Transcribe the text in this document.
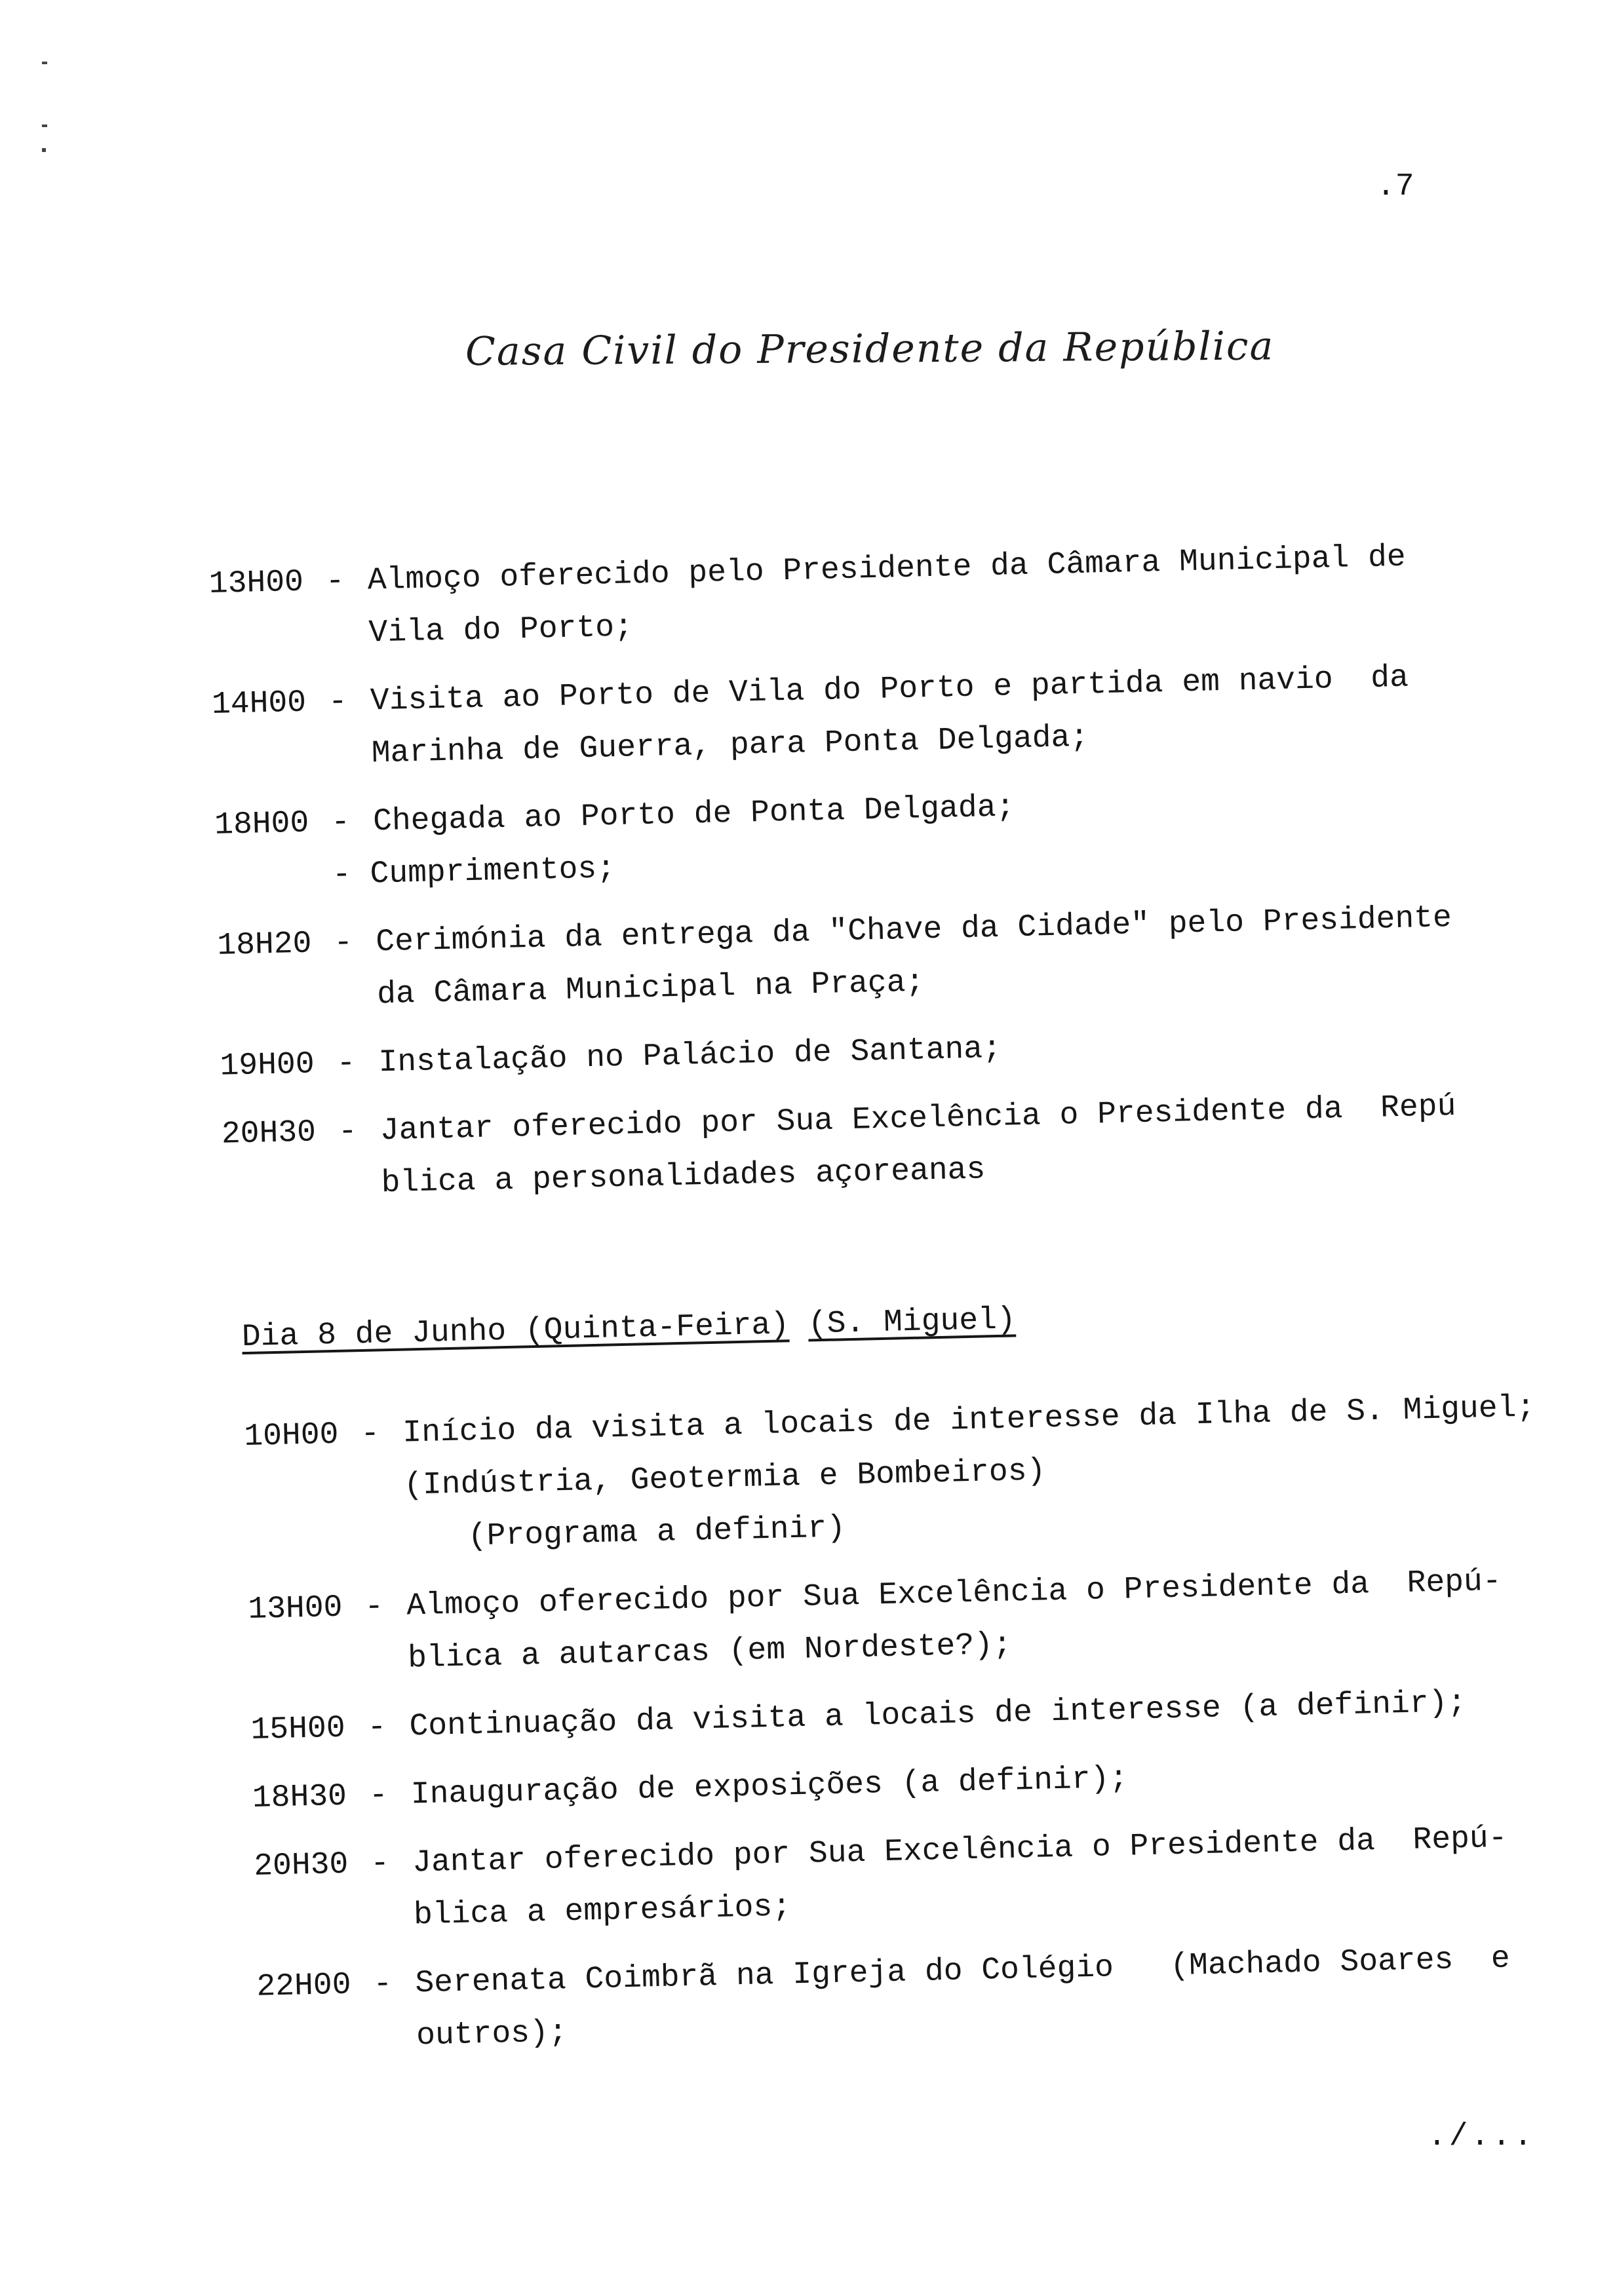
.7
Casa Civil do Presidente da República
13H00 - Almoço oferecido pelo Presidente da Câmara Municipal de
Vila do Porto;
14H00 - Visita ao Porto de Vila do Porto e partida em navio  da
Marinha de Guerra, para Ponta Delgada;
18H00 - Chegada ao Porto de Ponta Delgada;
- Cumprimentos;
18H20 - Cerimónia da entrega da "Chave da Cidade" pelo Presidente
da Câmara Municipal na Praça;
19H00 - Instalação no Palácio de Santana;
20H30 - Jantar oferecido por Sua Excelência o Presidente da  Repú
blica a personalidades açoreanas
Dia 8 de Junho (Quinta-Feira) (S. Miguel)
10H00 - Início da visita a locais de interesse da Ilha de S. Miguel;
(Indústria, Geotermia e Bombeiros)
(Programa a definir)
13H00 - Almoço oferecido por Sua Excelência o Presidente da  Repú-
blica a autarcas (em Nordeste?);
15H00 - Continuação da visita a locais de interesse (a definir);
18H30 - Inauguração de exposições (a definir);
20H30 - Jantar oferecido por Sua Excelência o Presidente da  Repú-
blica a empresários;
22H00 - Serenata Coimbrã na Igreja do Colégio   (Machado Soares  e
outros);
./...
